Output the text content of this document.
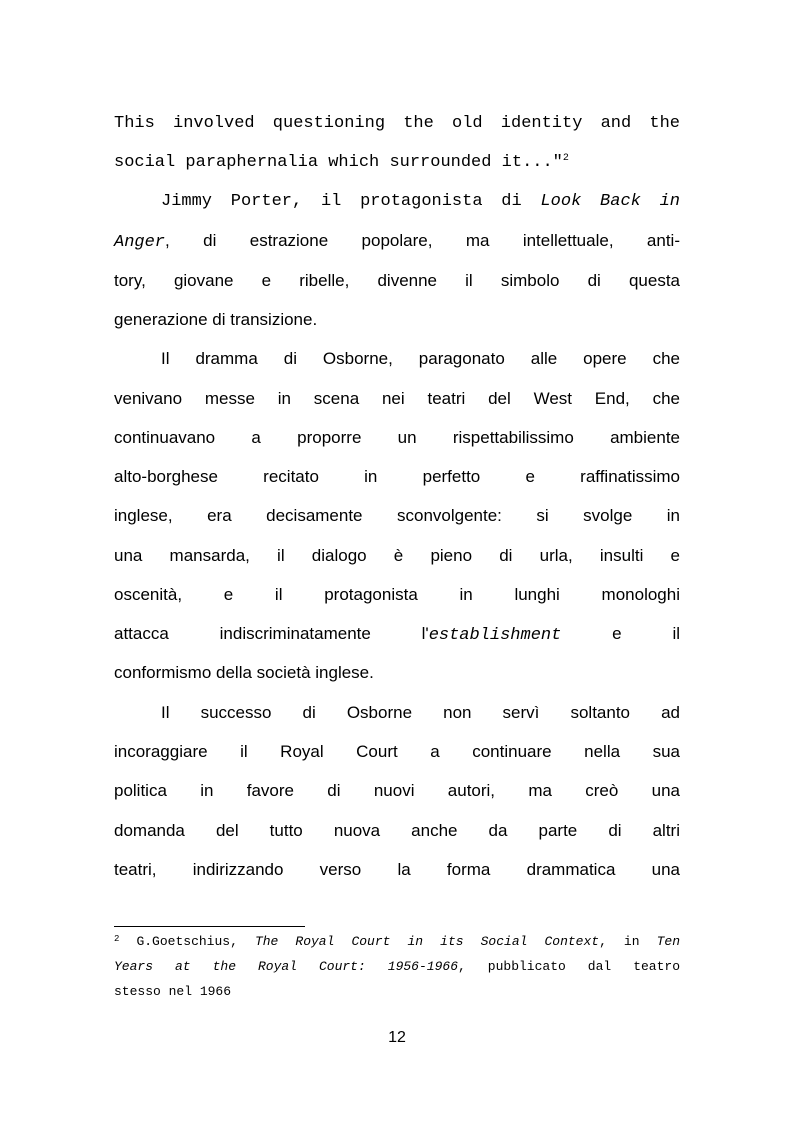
This involved questioning the old identity and the
social paraphernalia which surrounded it..."$^2$
Jimmy Porter, il protagonista di Look Back in
Anger, di estrazione popolare, ma intellettuale, anti-
tory, giovane e ribelle, divenne il simbolo di questa
generazione di transizione.
Il dramma di Osborne, paragonato alle opere che
venivano messe in scena nei teatri del West End, che
continuavano a proporre un rispettabilissimo ambiente
alto-borghese recitato in perfetto e raffinatissimo
inglese, era decisamente sconvolgente: si svolge in
una mansarda, il dialogo è pieno di urla, insulti e
oscenità, e il protagonista in lunghi monologhi
attacca indiscriminatamente l'establishment e il
conformismo della società inglese.
Il successo di Osborne non servì soltanto ad
incoraggiare il Royal Court a continuare nella sua
politica in favore di nuovi autori, ma creò una
domanda del tutto nuova anche da parte di altri
teatri, indirizzando verso la forma drammatica una
$^2$ G.Goetschius, The Royal Court in its Social Context, in Ten
Years at the Royal Court: 1956-1966, pubblicato dal teatro
stesso nel 1966
12
